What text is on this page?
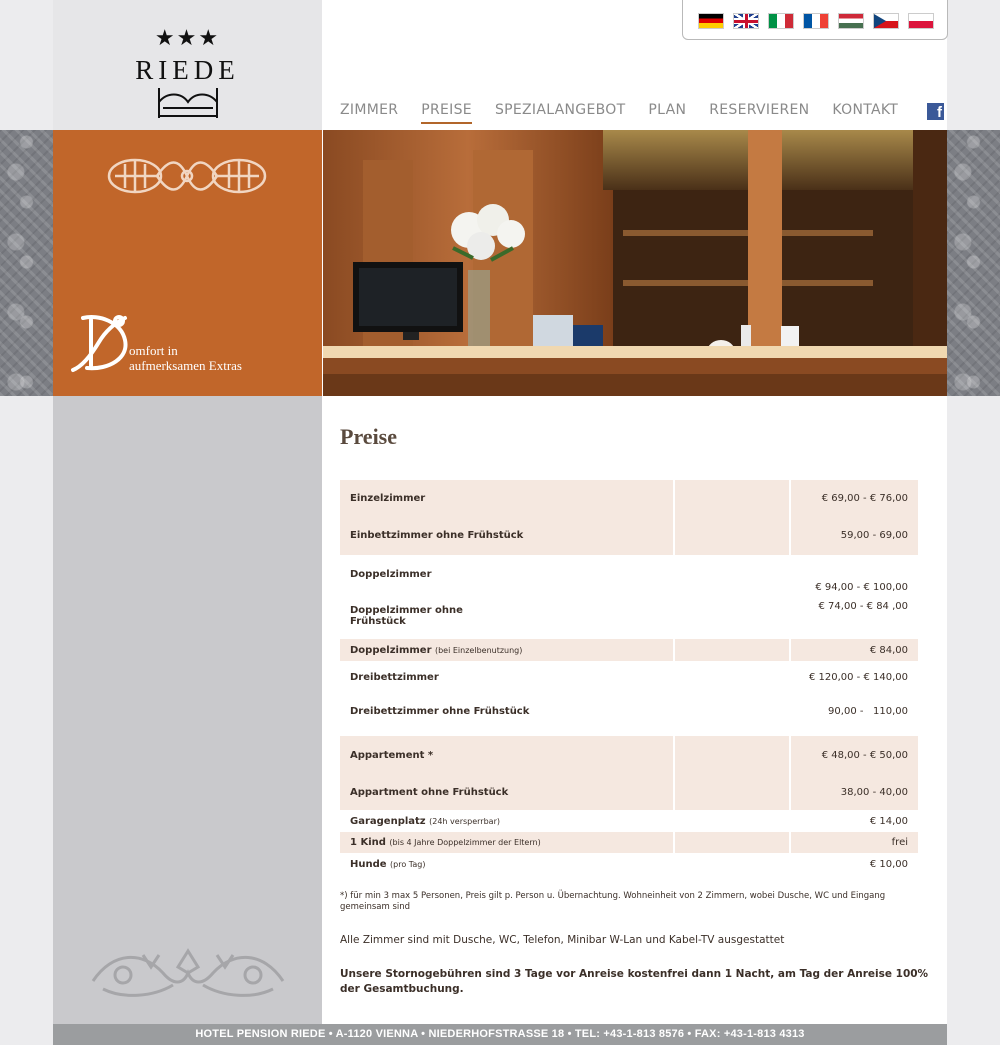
★★★
RIEDE
ZIMMER PREISE SPEZIALANGEBOT PLAN RESERVIEREN KONTAKT	f
omfort in
aufmerksamen Extras
Preise
Einzelzimmer		€ 69,00 - € 76,00
Einbettzimmer ohne Frühstück		59,00 - 69,00

Doppelzimmer		€ 94,00 - € 100,00

Doppelzimmer ohne
Frühstück		€ 74,00 - € 84 ,00
Doppelzimmer (bei Einzelbenutzung)		€ 84,00
Dreibettzimmer		€ 120,00 - € 140,00
Dreibettzimmer ohne Frühstück		90,00 -   110,00

Appartement *		€ 48,00 - € 50,00
Appartment ohne Frühstück		38,00 - 40,00
Garagenplatz (24h versperrbar)		€ 14,00
1 Kind (bis 4 Jahre Doppelzimmer der Eltern)		frei
Hunde (pro Tag)		€ 10,00

*) für min 3 max 5 Personen, Preis gilt p. Person u. Übernachtung. Wohneinheit von 2 Zimmern, wobei Dusche, WC und Eingang gemeinsam sind

Alle Zimmer sind mit Dusche, WC, Telefon, Minibar W-Lan und Kabel-TV ausgestattet

Unsere Stornogebühren sind 3 Tage vor Anreise kostenfrei dann 1 Nacht, am Tag der Anreise 100% der Gesamtbuchung.

HOTEL PENSION RIEDE • A-1120 VIENNA • NIEDERHOFSTRASSE 18 • TEL: +43-1-813 8576 • FAX: +43-1-813 4313
